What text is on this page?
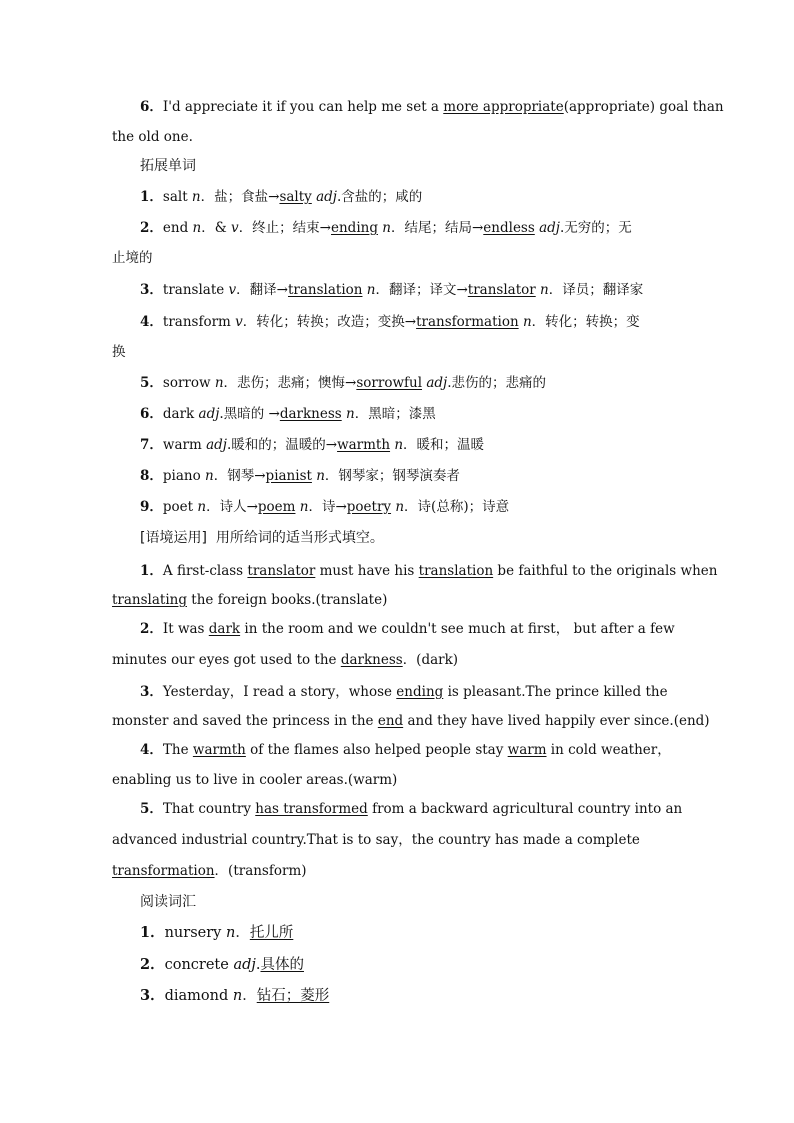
6．I'd appreciate it if you can help me set a more appropriate(appropriate) goal than
the old one.
拓展单词
1．salt n．盐；食盐→salty adj.含盐的；咸的
2．end n．& v．终止；结束→ending n．结尾；结局→endless adj.无穷的；无
止境的
3．translate v．翻译→translation n．翻译；译文→translator n．译员；翻译家
4．transform v．转化；转换；改造；变换→transformation n．转化；转换；变
换
5．sorrow n．悲伤；悲痛；懊悔→sorrowful adj.悲伤的；悲痛的
6．dark adj.黑暗的 →darkness n．黑暗；漆黑
7．warm adj.暖和的；温暖的→warmth n．暖和；温暖
8．piano n．钢琴→pianist n．钢琴家；钢琴演奏者
9．poet n．诗人→poem n．诗→poetry n．诗(总称)；诗意
[语境运用] 用所给词的适当形式填空。
1．A first-class translator must have his translation be faithful to the originals when
translating the foreign books.(translate)
2．It was dark in the room and we couldn't see much at first， but after a few
minutes our eyes got used to the darkness．(dark)
3．Yesterday，I read a story，whose ending is pleasant.The prince killed the
monster and saved the princess in the end and they have lived happily ever since.(end)
4．The warmth of the flames also helped people stay warm in cold weather，
enabling us to live in cooler areas.(warm)
5．That country has transformed from a backward agricultural country into an
advanced industrial country.That is to say，the country has made a complete
transformation．(transform)
阅读词汇
1．nursery n．托儿所
2．concrete adj.具体的
3．diamond n．钻石；菱形
